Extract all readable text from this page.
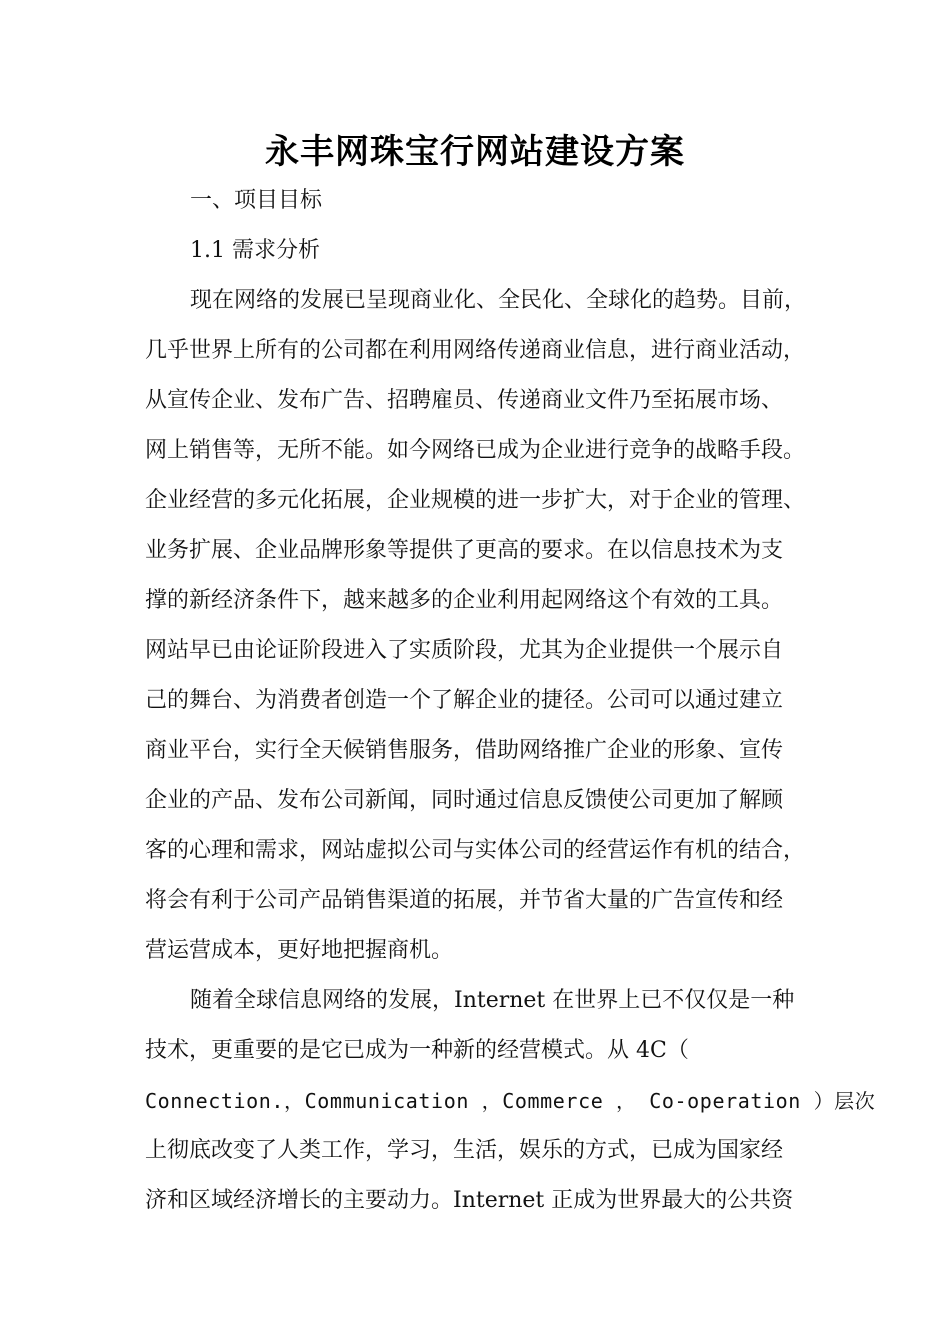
永丰网珠宝行网站建设方案
一、项目目标
1.1 需求分析
现在网络的发展已呈现商业化、全民化、全球化的趋势。目前，
几乎世界上所有的公司都在利用网络传递商业信息，进行商业活动，
从宣传企业、发布广告、招聘雇员、传递商业文件乃至拓展市场、
网上销售等，无所不能。如今网络已成为企业进行竞争的战略手段。
企业经营的多元化拓展，企业规模的进一步扩大，对于企业的管理、
业务扩展、企业品牌形象等提供了更高的要求。在以信息技术为支
撑的新经济条件下，越来越多的企业利用起网络这个有效的工具。
网站早已由论证阶段进入了实质阶段，尤其为企业提供一个展示自
己的舞台、为消费者创造一个了解企业的捷径。公司可以通过建立
商业平台，实行全天候销售服务，借助网络推广企业的形象、宣传
企业的产品、发布公司新闻，同时通过信息反馈使公司更加了解顾
客的心理和需求，网站虚拟公司与实体公司的经营运作有机的结合，
将会有利于公司产品销售渠道的拓展，并节省大量的广告宣传和经
营运营成本，更好地把握商机。
随着全球信息网络的发展，Internet 在世界上已不仅仅是一种
技术，更重要的是它已成为一种新的经营模式。从 4C（
Connection.，Communication ，Commerce ， Co-operation ）层次
上彻底改变了人类工作，学习，生活，娱乐的方式，已成为国家经
济和区域经济增长的主要动力。Internet 正成为世界最大的公共资
